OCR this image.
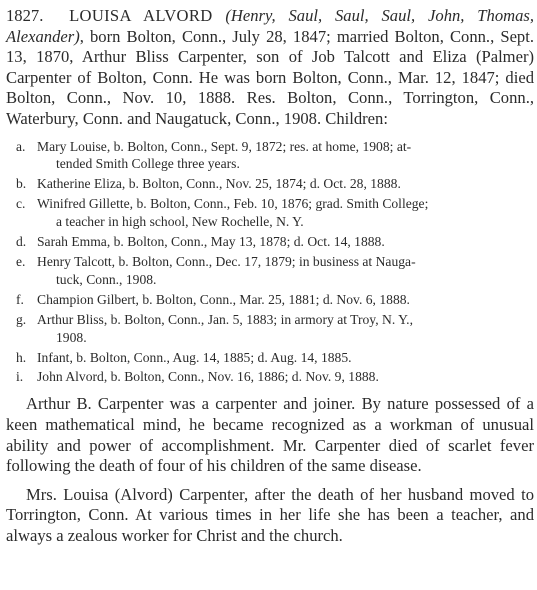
1827. LOUISA ALVORD (Henry, Saul, Saul, Saul, John, Thomas, Alexander), born Bolton, Conn., July 28, 1847; married Bolton, Conn., Sept. 13, 1870, Arthur Bliss Carpenter, son of Job Talcott and Eliza (Palmer) Carpenter of Bolton, Conn. He was born Bolton, Conn., Mar. 12, 1847; died Bolton, Conn., Nov. 10, 1888. Res. Bolton, Conn., Torrington, Conn., Waterbury, Conn. and Naugatuck, Conn., 1908. Children:

a. Mary Louise, b. Bolton, Conn., Sept. 9, 1872; res. at home, 1908; at-
tended Smith College three years.
b. Katherine Eliza, b. Bolton, Conn., Nov. 25, 1874; d. Oct. 28, 1888.
c. Winifred Gillette, b. Bolton, Conn., Feb. 10, 1876; grad. Smith College;
a teacher in high school, New Rochelle, N. Y.
d. Sarah Emma, b. Bolton, Conn., May 13, 1878; d. Oct. 14, 1888.
e. Henry Talcott, b. Bolton, Conn., Dec. 17, 1879; in business at Nauga-
tuck, Conn., 1908.
f. Champion Gilbert, b. Bolton, Conn., Mar. 25, 1881; d. Nov. 6, 1888.
g. Arthur Bliss, b. Bolton, Conn., Jan. 5, 1883; in armory at Troy, N. Y.,
1908.
h. Infant, b. Bolton, Conn., Aug. 14, 1885; d. Aug. 14, 1885.
i.	John Alvord, b. Bolton, Conn., Nov. 16, 1886; d. Nov. 9, 1888.

Arthur B. Carpenter was a carpenter and joiner. By nature possessed of a keen mathematical mind, he became recognized as a workman of unusual ability and power of accomplishment. Mr. Carpenter died of scarlet fever following the death of four of his children of the same disease.

Mrs. Louisa (Alvord) Carpenter, after the death of her husband moved to Torrington, Conn. At various times in her life she has been a teacher, and always a zealous worker for Christ and the church.
